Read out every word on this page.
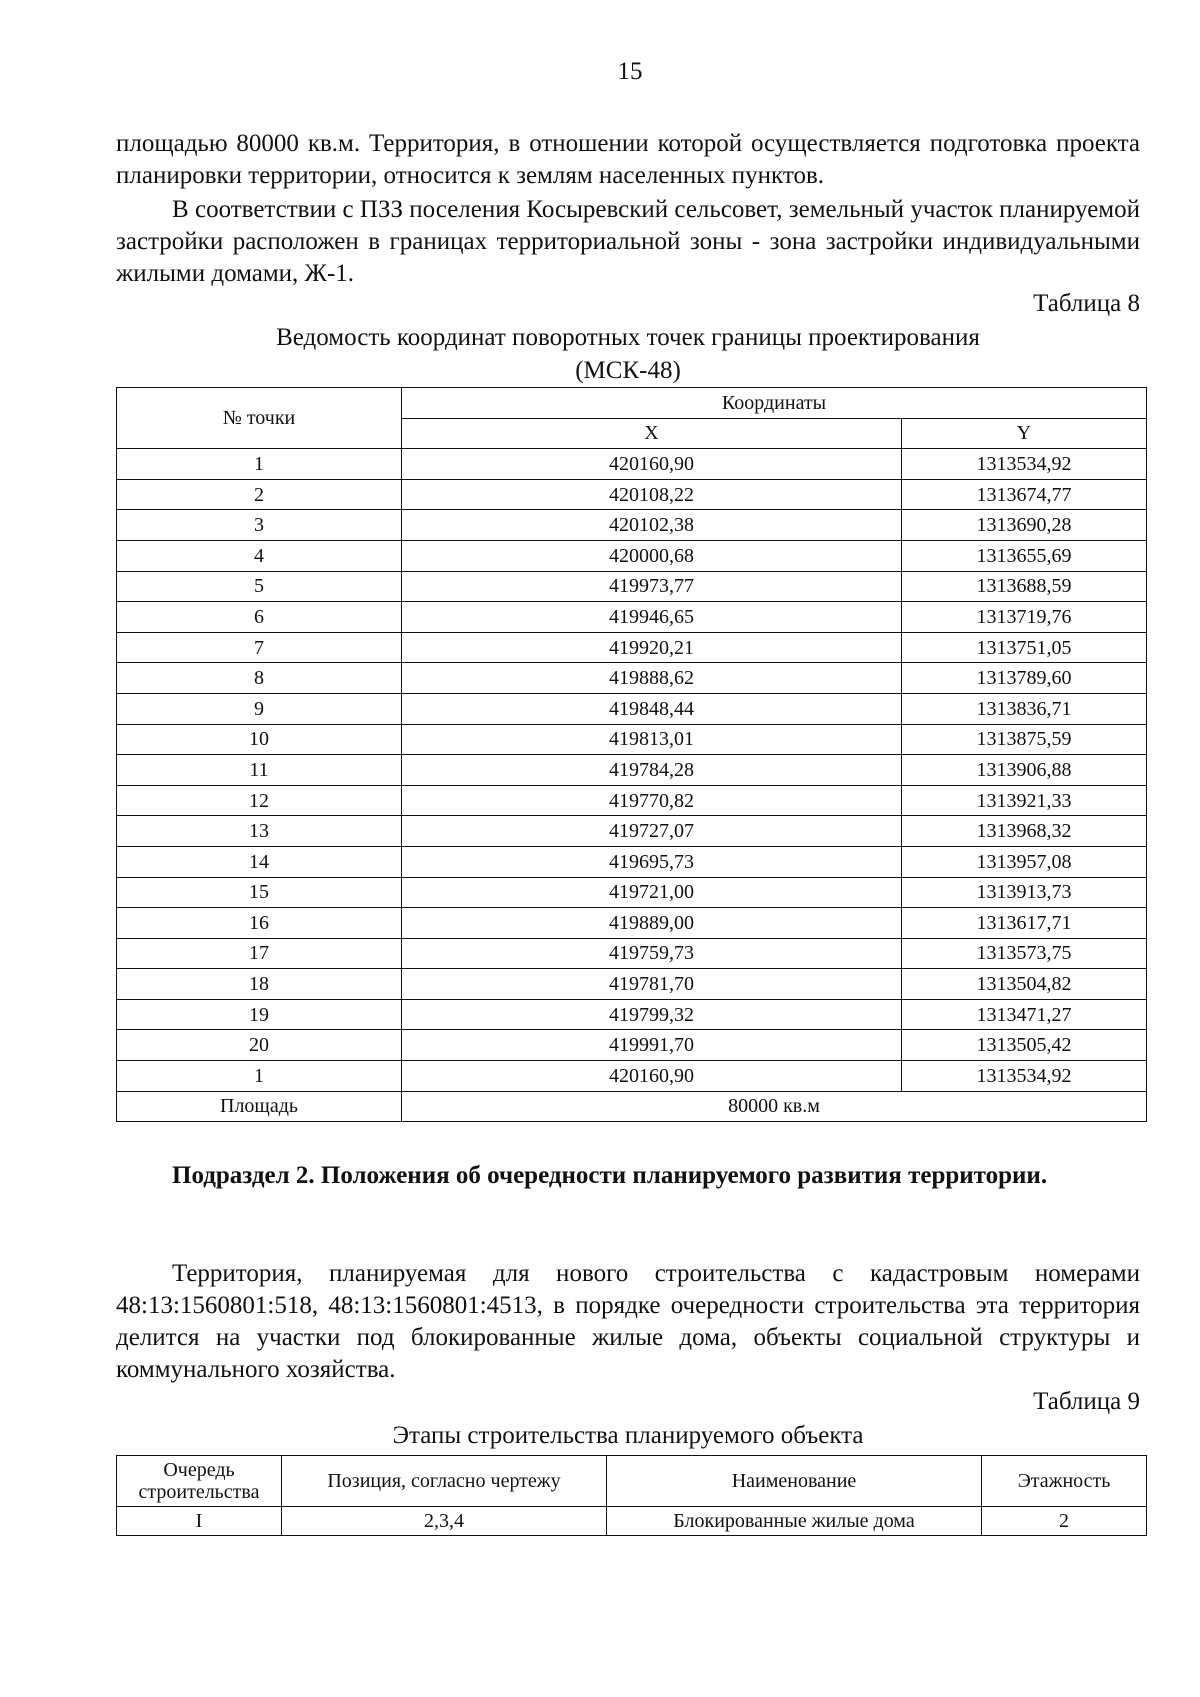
15

площадью 80000 кв.м. Территория, в отношении которой осуществляется подготовка проекта планировки территории, относится к землям населенных пунктов.

В соответствии с ПЗЗ поселения Косыревский сельсовет, земельный участок планируемой застройки расположен в границах территориальной зоны - зона застройки индивидуальными жилыми домами, Ж-1.

Таблица 8

Ведомость координат поворотных точек границы проектирования

(МСК-48)

№ точки	Координаты	
	X	Y
1	420160,90	1313534,92
2	420108,22	1313674,77
3	420102,38	1313690,28
4	420000,68	1313655,69
5	419973,77	1313688,59
6	419946,65	1313719,76
7	419920,21	1313751,05
8	419888,62	1313789,60
9	419848,44	1313836,71
10	419813,01	1313875,59
11	419784,28	1313906,88
12	419770,82	1313921,33
13	419727,07	1313968,32
14	419695,73	1313957,08
15	419721,00	1313913,73
16	419889,00	1313617,71
17	419759,73	1313573,75
18	419781,70	1313504,82
19	419799,32	1313471,27
20	419991,70	1313505,42
1	420160,90	1313534,92
Площадь	80000 кв.м	

Подраздел 2. Положения об очередности планируемого развития территории.

Территория, планируемая для нового строительства с кадастровым номерами 48:13:1560801:518, 48:13:1560801:4513, в порядке очередности строительства эта территория делится на участки под блокированные жилые дома, объекты социальной структуры и коммунального хозяйства.

Таблица 9

Этапы строительства планируемого объекта

Очередь строительства	Позиция, согласно чертежу	Наименование	Этажность
I	2,3,4	Блокированные жилые дома	2
